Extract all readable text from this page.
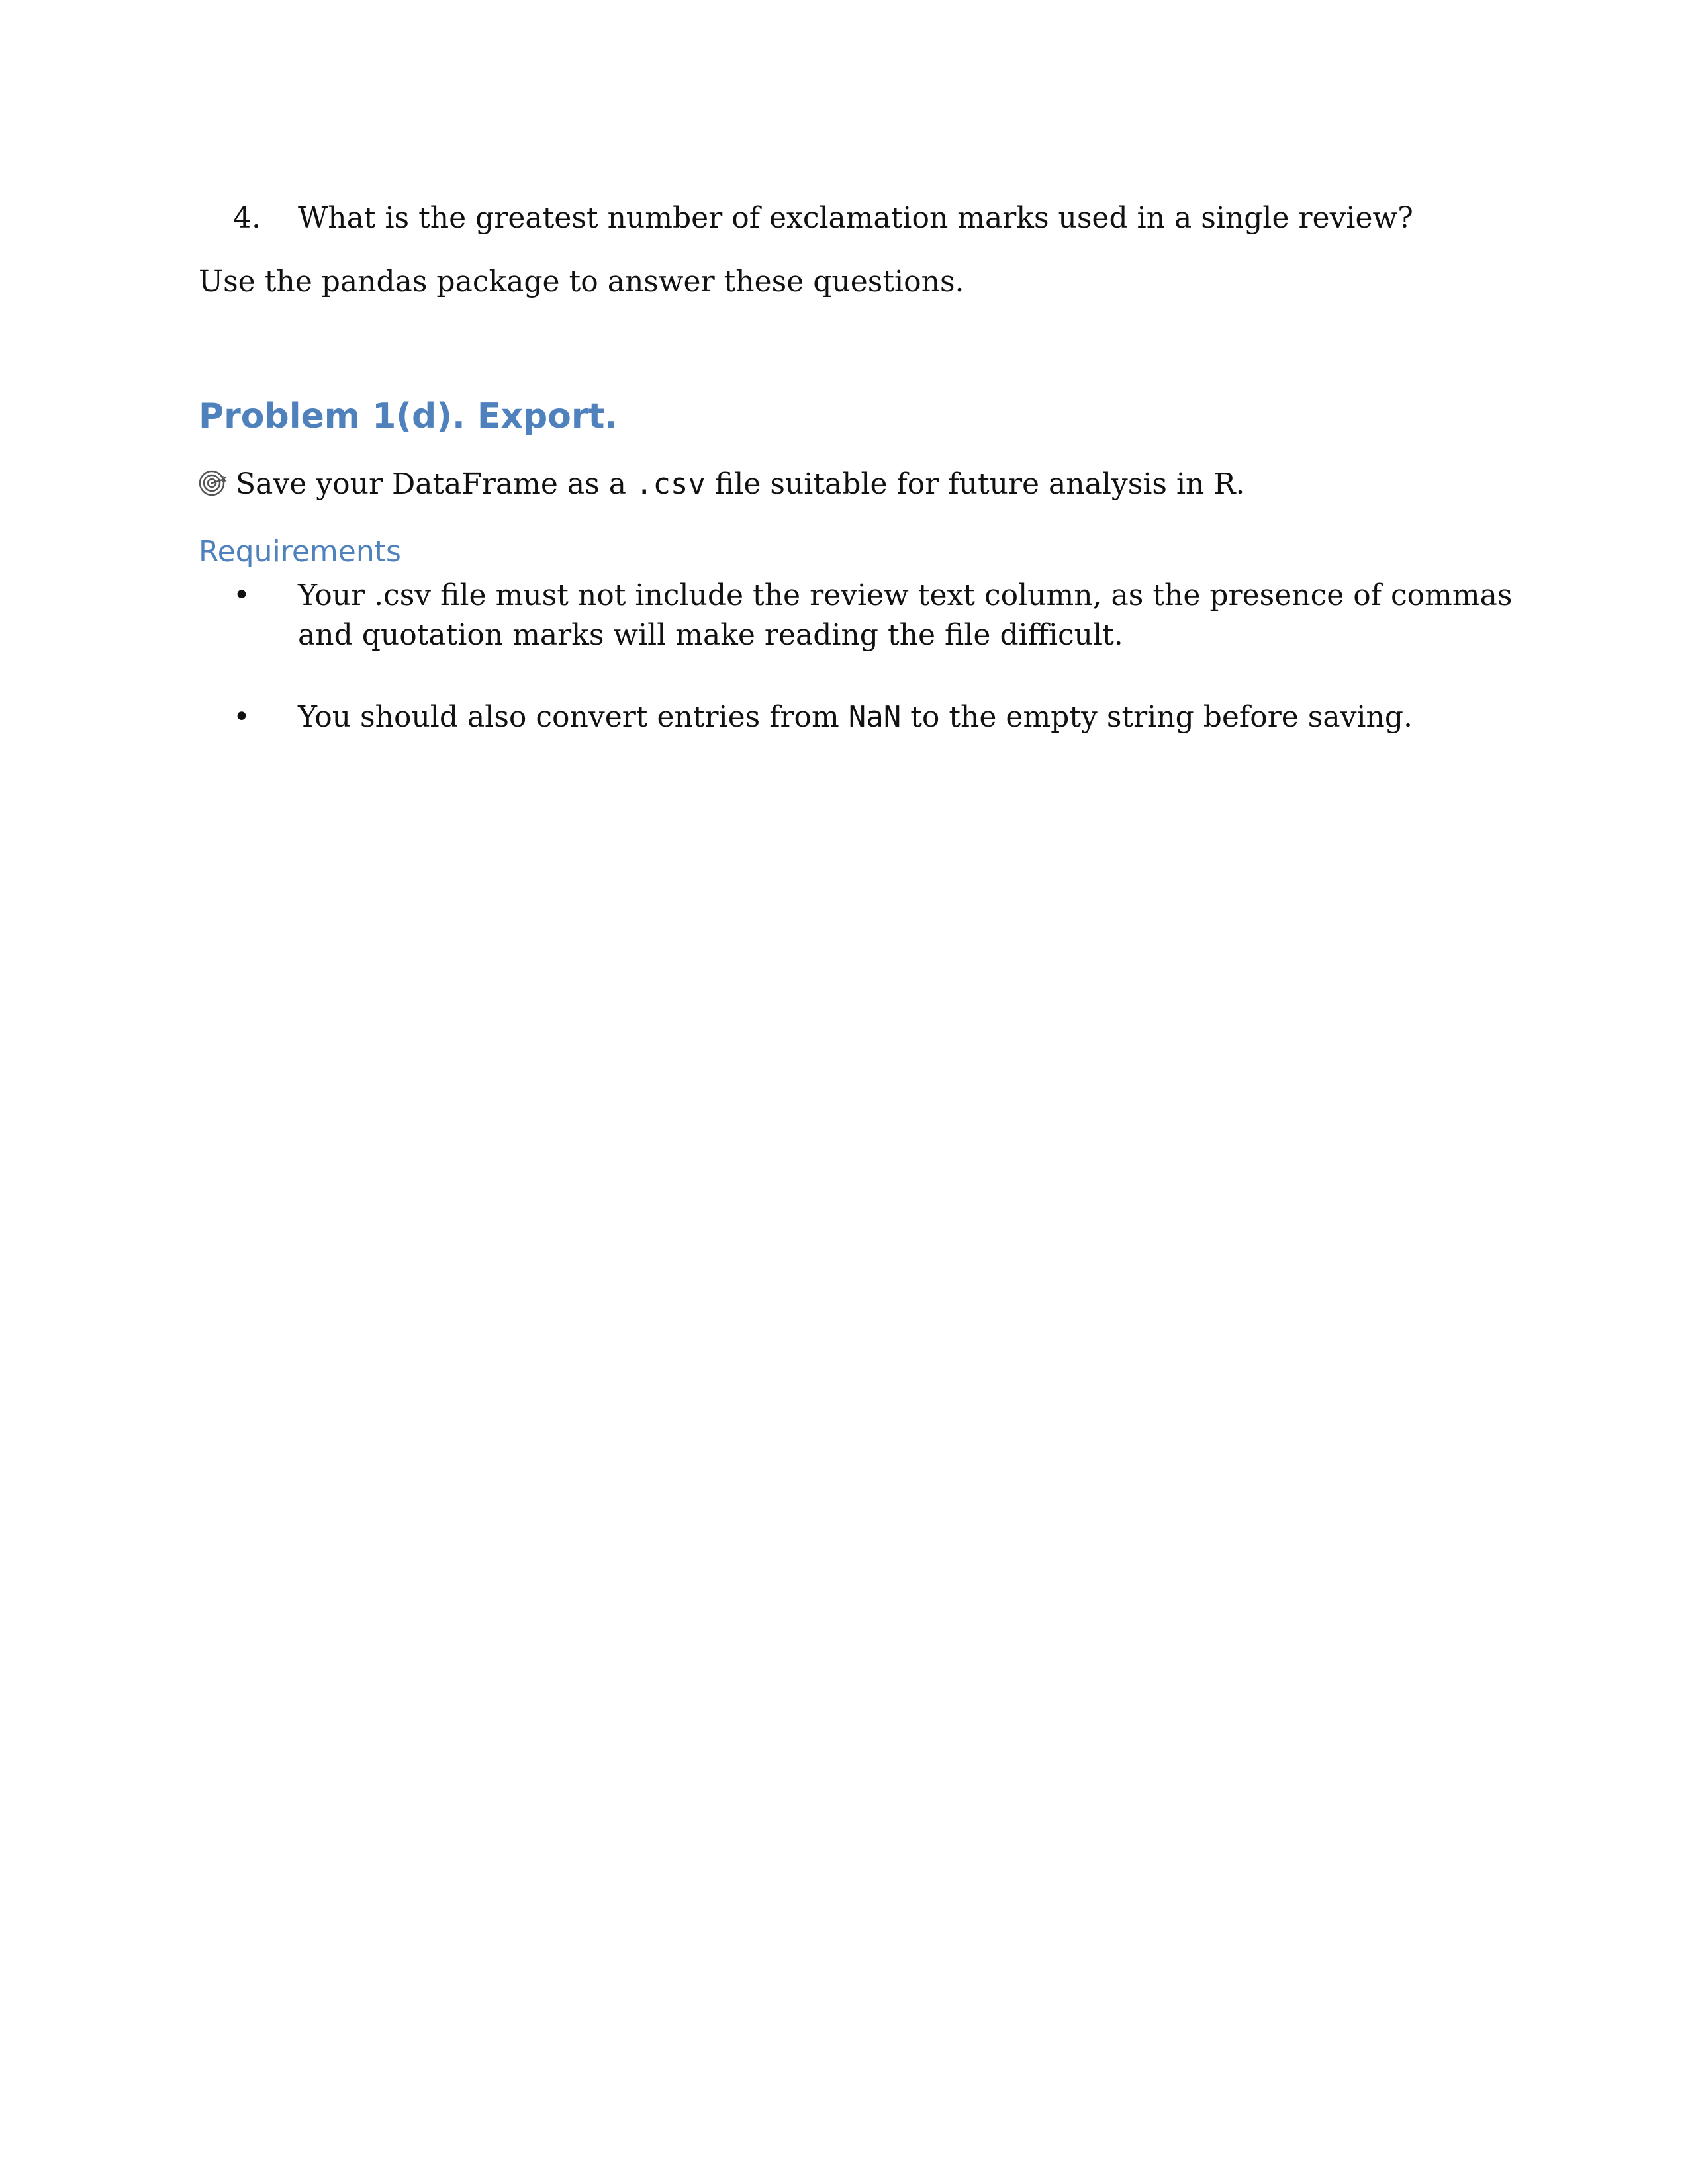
4. What is the greatest number of exclamation marks used in a single review?
Use the pandas package to answer these questions.
Problem 1(d). Export.
Save your DataFrame as a .csv file suitable for future analysis in R.
Requirements
• Your .csv file must not include the review text column, as the presence of commas
and quotation marks will make reading the file difficult.
• You should also convert entries from NaN to the empty string before saving.
